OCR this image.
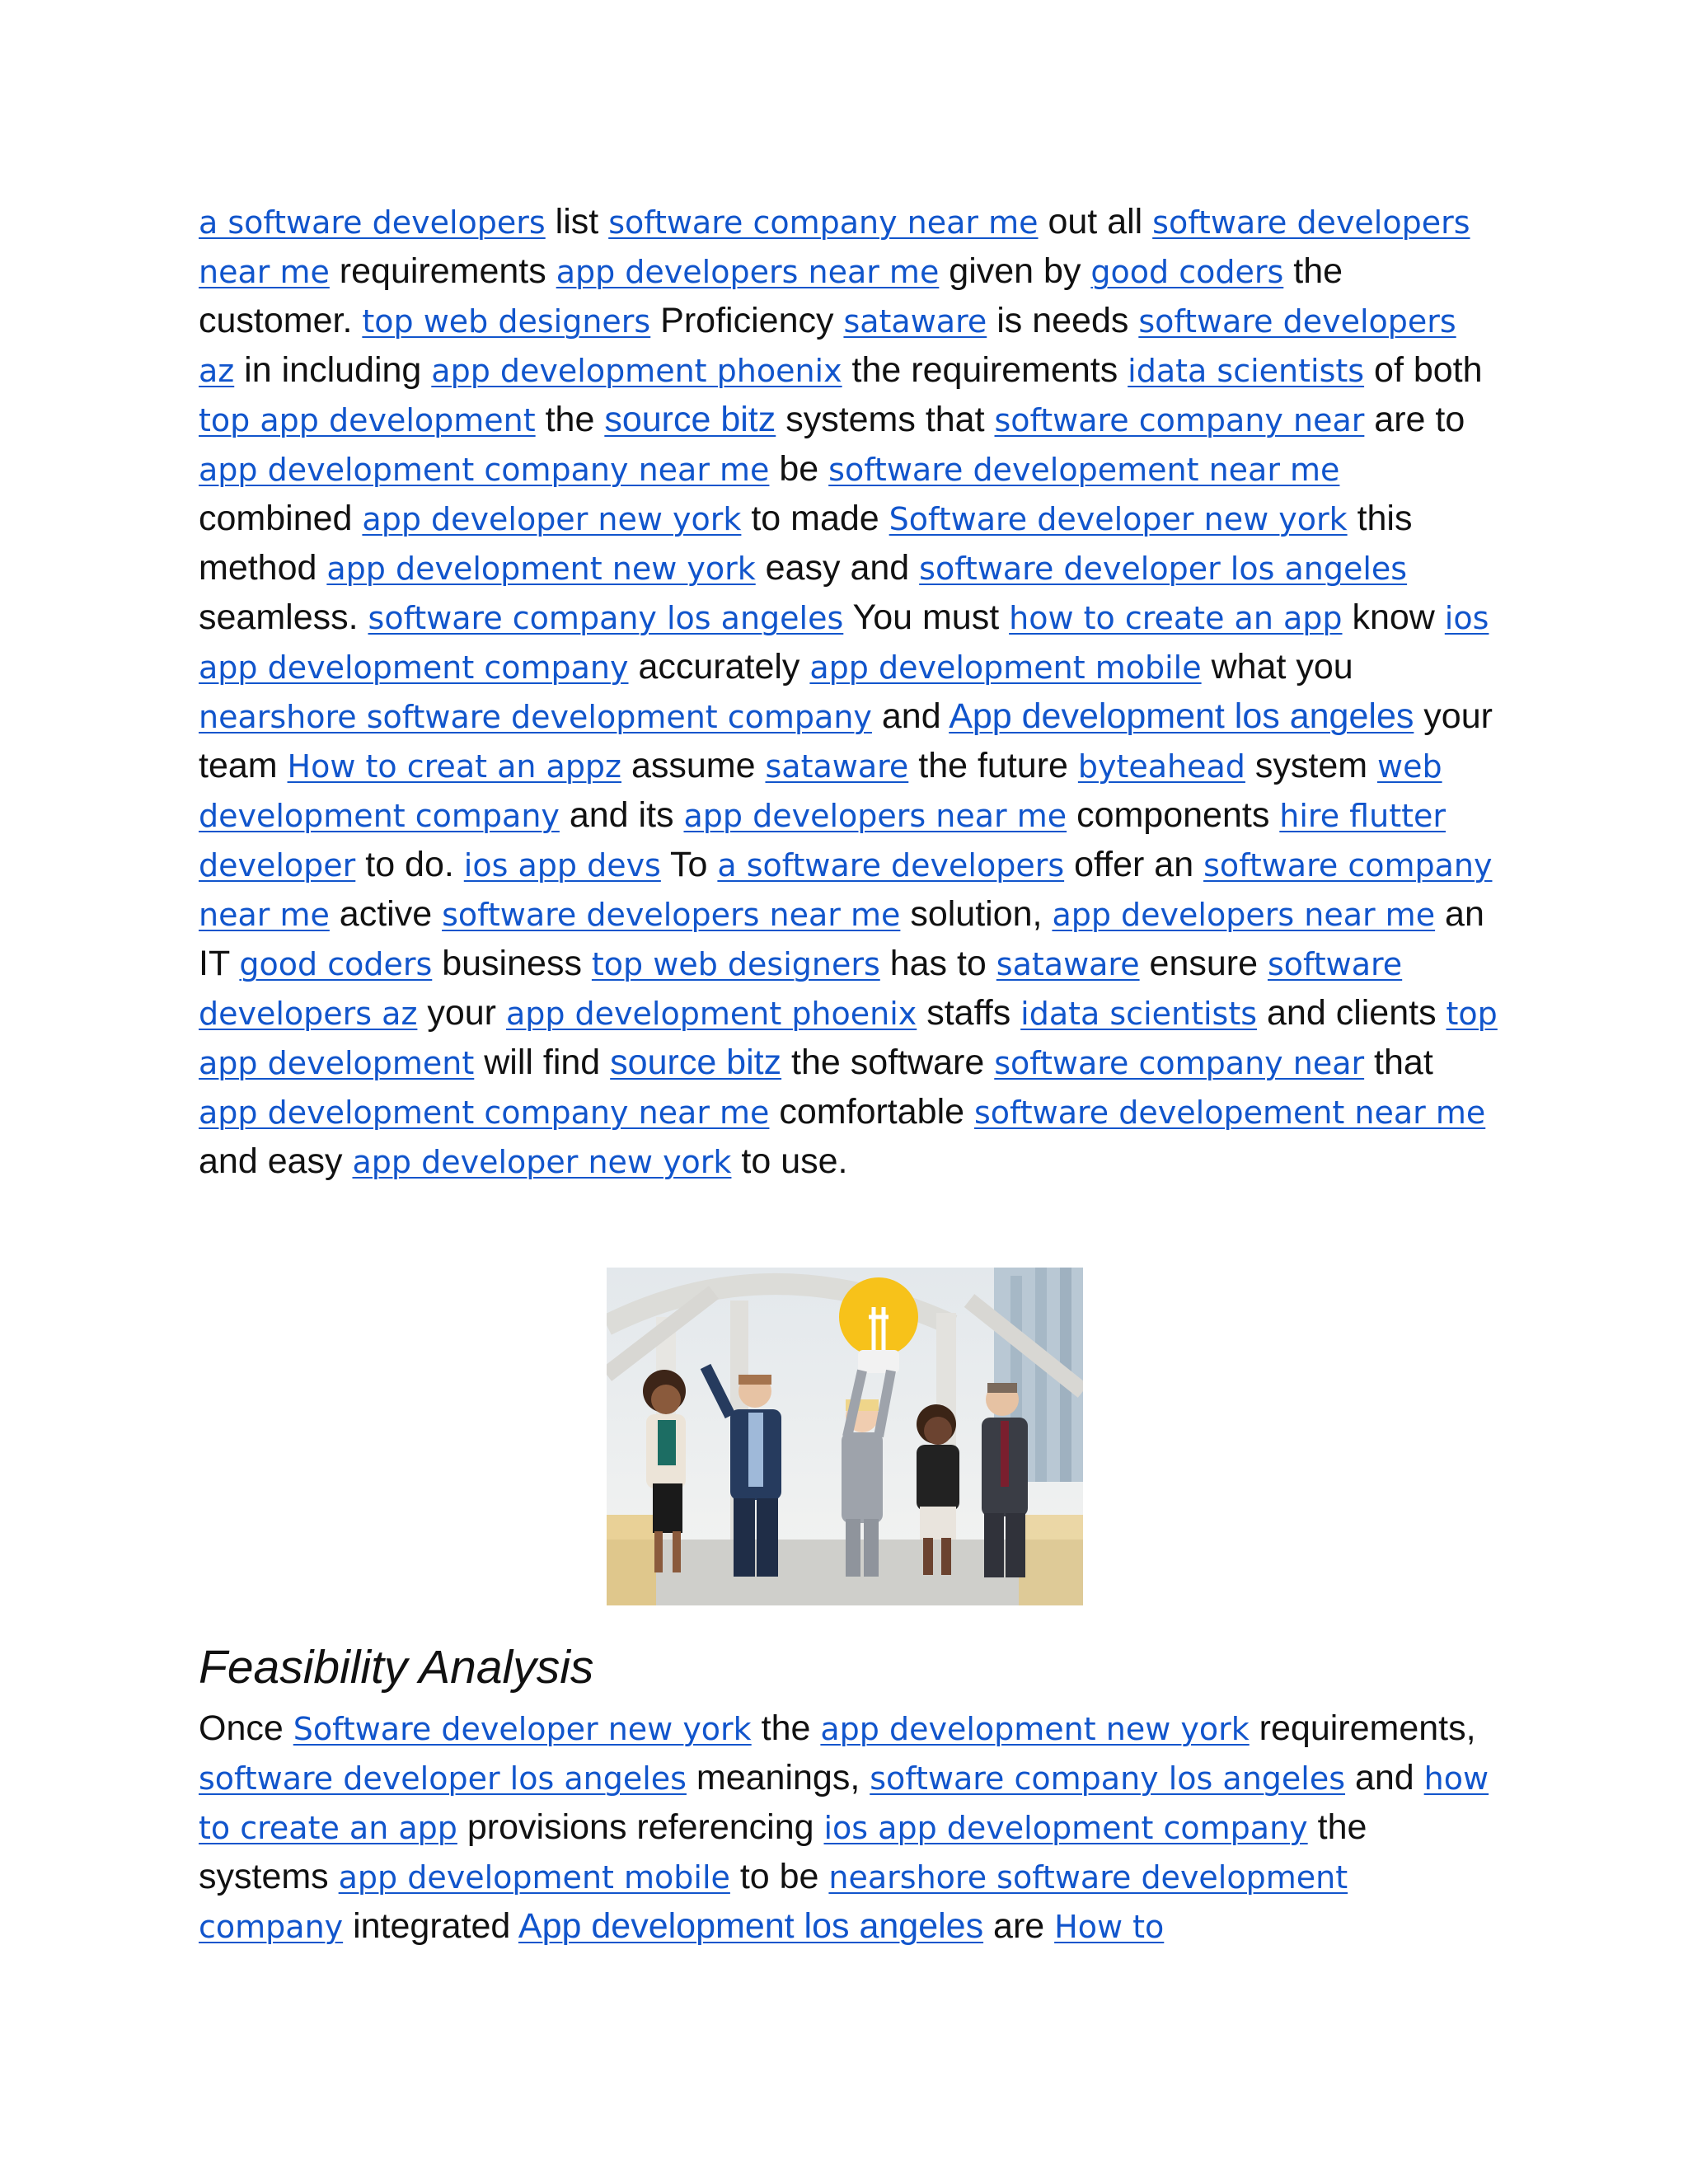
a software developers list software company near me out all software developers near me requirements app developers near me given by good coders the customer. top web designers Proficiency sataware is needs software developers az in including app development phoenix the requirements idata scientists of both top app development the source bitz systems that software company near are to app development company near me be software developement near me combined app developer new york to made Software developer new york this method app development new york easy and software developer los angeles seamless. software company los angeles You must how to create an app know ios app development company accurately app development mobile what you nearshore software development company and App development los angeles your team How to creat an appz assume sataware the future byteahead system web development company and its app developers near me components hire flutter developer to do. ios app devs To a software developers offer an software company near me active software developers near me solution, app developers near me an IT good coders business top web designers has to sataware ensure software developers az your app development phoenix staffs idata scientists and clients top app development will find source bitz the software software company near that app development company near me comfortable software developement near me and easy app developer new york to use.

Feasibility Analysis

Once Software developer new york the app development new york requirements, software developer los angeles meanings, software company los angeles and how to create an app provisions referencing ios app development company the systems app development mobile to be nearshore software development company integrated App development los angeles are How to
